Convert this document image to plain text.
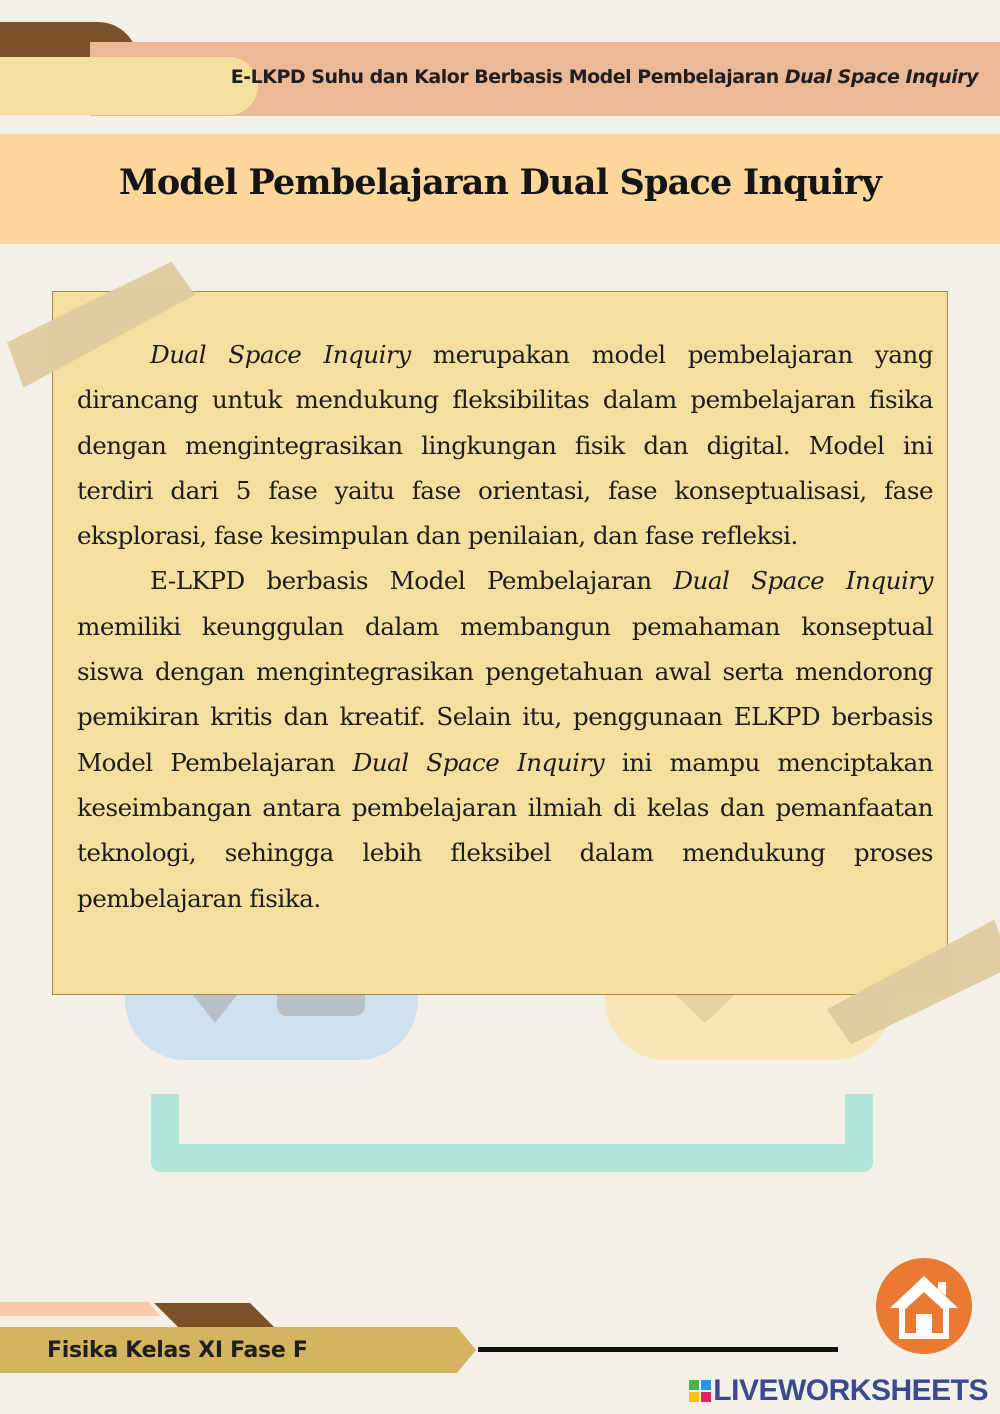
E-LKPD Suhu dan Kalor Berbasis Model Pembelajaran Dual Space Inquiry
Model Pembelajaran Dual Space Inquiry

Dual Space Inquiry merupakan model pembelajaran yang dirancang untuk mendukung fleksibilitas dalam pembelajaran fisika dengan mengintegrasikan lingkungan fisik dan digital. Model ini terdiri dari 5 fase yaitu fase orientasi, fase konseptualisasi, fase eksplorasi, fase kesimpulan dan penilaian, dan fase refleksi.

E-LKPD berbasis Model Pembelajaran Dual Space Inquiry memiliki keunggulan dalam membangun pemahaman konseptual siswa dengan mengintegrasikan pengetahuan awal serta mendorong pemikiran kritis dan kreatif. Selain itu, penggunaan ELKPD berbasis Model Pembelajaran Dual Space Inquiry ini mampu menciptakan keseimbangan antara pembelajaran ilmiah di kelas dan pemanfaatan teknologi, sehingga lebih fleksibel dalam mendukung proses pembelajaran fisika.

Fisika Kelas XI Fase F
LIVEWORKSHEETS
